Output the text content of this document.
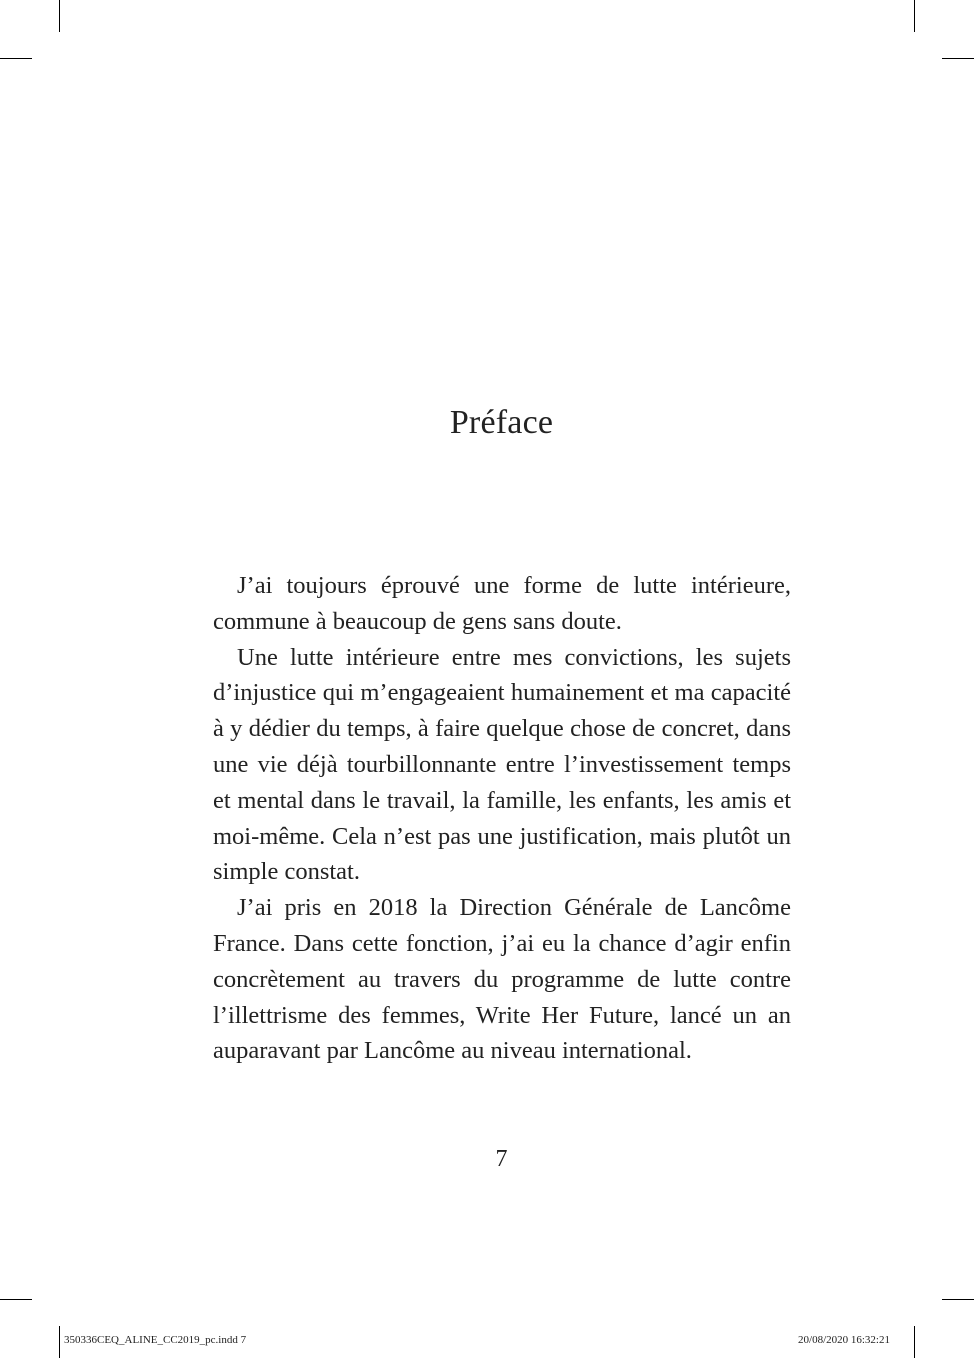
Préface

J’ai toujours éprouvé une forme de lutte intérieure, commune à beaucoup de gens sans doute.

Une lutte intérieure entre mes convictions, les sujets d’injustice qui m’engageaient humainement et ma capacité à y dédier du temps, à faire quelque chose de concret, dans une vie déjà tourbillonnante entre l’investissement temps et mental dans le travail, la famille, les enfants, les amis et moi-même. Cela n’est pas une justification, mais plutôt un simple constat.

J’ai pris en 2018 la Direction Générale de Lancôme France. Dans cette fonction, j’ai eu la chance d’agir enfin concrètement au travers du programme de lutte contre l’illettrisme des femmes, Write Her Future, lancé un an auparavant par Lancôme au niveau international.

7
350336CEQ_ALINE_CC2019_pc.indd 7	20/08/2020 16:32:21
